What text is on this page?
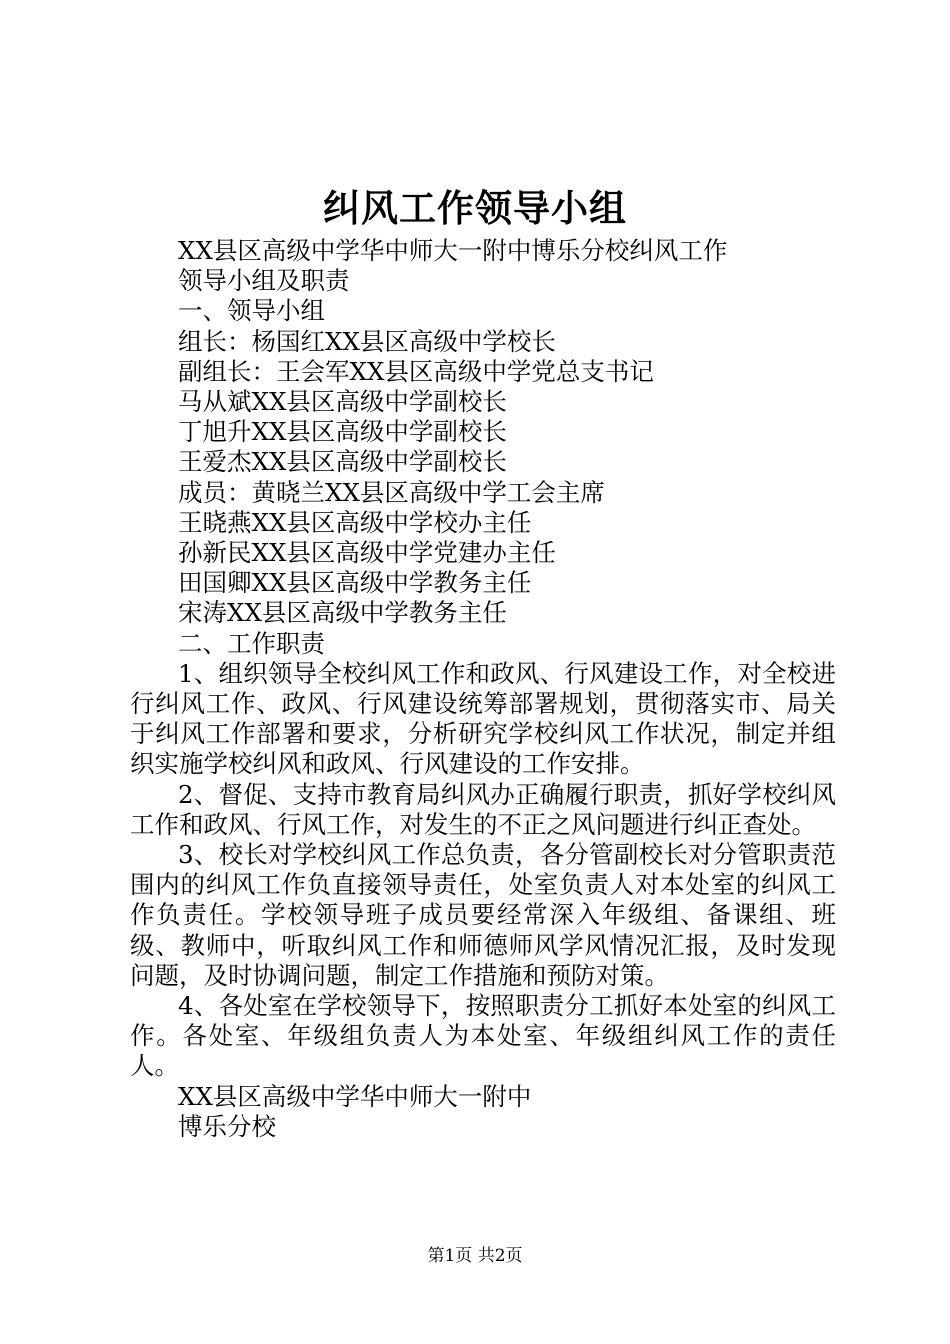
纠风工作领导小组
XX县区高级中学华中师大一附中博乐分校纠风工作
领导小组及职责
一、领导小组
组长：杨国红XX县区高级中学校长
副组长：王会军XX县区高级中学党总支书记
马从斌XX县区高级中学副校长
丁旭升XX县区高级中学副校长
王爱杰XX县区高级中学副校长
成员：黄晓兰XX县区高级中学工会主席
王晓燕XX县区高级中学校办主任
孙新民XX县区高级中学党建办主任
田国卿XX县区高级中学教务主任
宋涛XX县区高级中学教务主任
二、工作职责
1、组织领导全校纠风工作和政风、行风建设工作，对全校进行纠风工作、政风、行风建设统筹部署规划，贯彻落实市、局关于纠风工作部署和要求，分析研究学校纠风工作状况，制定并组织实施学校纠风和政风、行风建设的工作安排。
2、督促、支持市教育局纠风办正确履行职责，抓好学校纠风工作和政风、行风工作，对发生的不正之风问题进行纠正查处。
3、校长对学校纠风工作总负责，各分管副校长对分管职责范围内的纠风工作负直接领导责任，处室负责人对本处室的纠风工作负责任。学校领导班子成员要经常深入年级组、备课组、班级、教师中，听取纠风工作和师德师风学风情况汇报，及时发现问题，及时协调问题，制定工作措施和预防对策。
4、各处室在学校领导下，按照职责分工抓好本处室的纠风工作。各处室、年级组负责人为本处室、年级组纠风工作的责任人。
XX县区高级中学华中师大一附中
博乐分校
第1页 共2页
